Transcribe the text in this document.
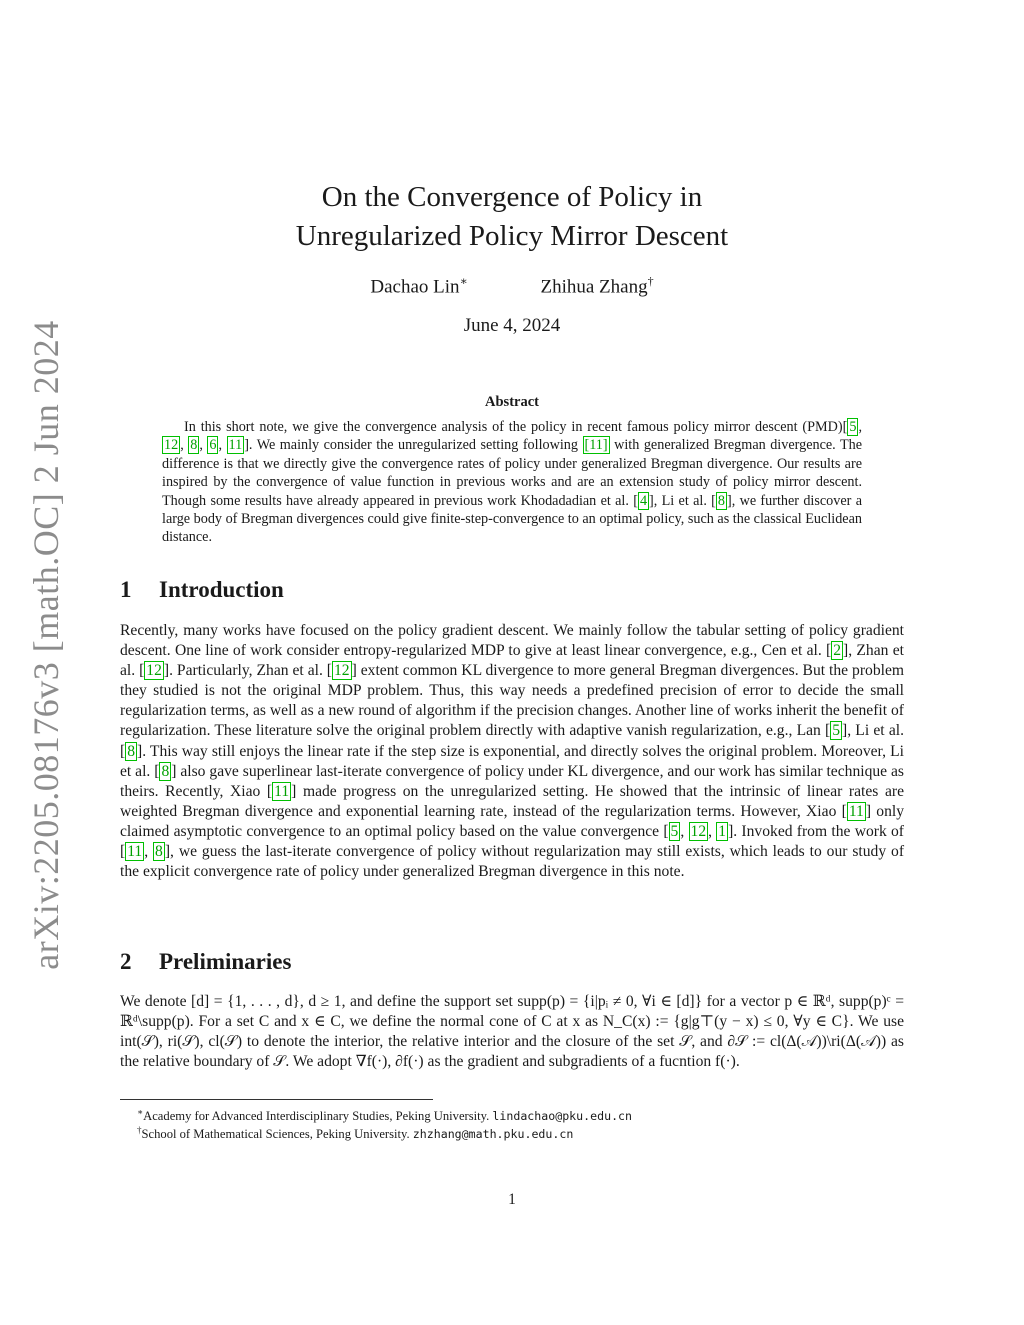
arXiv:2205.08176v3 [math.OC] 2 Jun 2024
On the Convergence of Policy in
Unregularized Policy Mirror Descent
Dachao Lin∗	Zhihua Zhang†
June 4, 2024
Abstract
In this short note, we give the convergence analysis of the policy in recent famous policy mirror descent (PMD)[ 5 , 12 , 8 , 6 , 11 ]. We mainly consider the unregularized setting following [11] with generalized Bregman divergence. The difference is that we directly give the convergence rates of policy under generalized Bregman divergence. Our results are inspired by the convergence of value function in previous works and are an extension study of policy mirror descent. Though some results have already appeared in previous work Khodadadian et al. [ 4 ], Li et al. [ 8 ], we further discover a large body of Bregman divergences could give finite-step-convergence to an optimal policy, such as the classical Euclidean distance.
1 Introduction
Recently, many works have focused on the policy gradient descent. We mainly follow the tabular setting of policy gradient descent. One line of work consider entropy-regularized MDP to give at least linear convergence, e.g., Cen et al. [ 2 ], Zhan et al. [ 12 ]. Particularly, Zhan et al. [ 12 ] extent common KL divergence to more general Bregman divergences. But the problem they studied is not the original MDP problem. Thus, this way needs a predefined precision of error to decide the small regularization terms, as well as a new round of algorithm if the precision changes. Another line of works inherit the benefit of regularization. These literature solve the original problem directly with adaptive vanish regularization, e.g., Lan [ 5 ], Li et al. [ 8 ]. This way still enjoys the linear rate if the step size is exponential, and directly solves the original problem. Moreover, Li et al. [ 8 ] also gave superlinear last-iterate convergence of policy under KL divergence, and our work has similar technique as theirs. Recently, Xiao [ 11 ] made progress on the unregularized setting. He showed that the intrinsic of linear rates are weighted Bregman divergence and exponential learning rate, instead of the regularization terms. However, Xiao [ 11 ] only claimed asymptotic convergence to an optimal policy based on the value convergence [ 5 , 12 , 1 ]. Invoked from the work of [ 11 , 8 ], we guess the last-iterate convergence of policy without regularization may still exists, which leads to our study of the explicit convergence rate of policy under generalized Bregman divergence in this note.
2 Preliminaries
We denote [d] = {1, . . . , d}, d ≥ 1, and define the support set supp(p) = {i|pᵢ ≠ 0, ∀i ∈ [d]} for a vector p ∈ ℝᵈ, supp(p)ᶜ = ℝᵈ\supp(p). For a set C and x ∈ C, we define the normal cone of C at x as N_C(x) := {g|g⊤(y − x) ≤ 0, ∀y ∈ C}. We use int(𝒮), ri(𝒮), cl(𝒮) to denote the interior, the relative interior and the closure of the set 𝒮, and ∂𝒮 := cl(Δ(𝒜))\ri(Δ(𝒜)) as the relative boundary of 𝒮. We adopt ∇f(·), ∂f(·) as the gradient and subgradients of a fucntion f(·).
∗Academy for Advanced Interdisciplinary Studies, Peking University. lindachao@pku.edu.cn
†School of Mathematical Sciences, Peking University. zhzhang@math.pku.edu.cn
1
